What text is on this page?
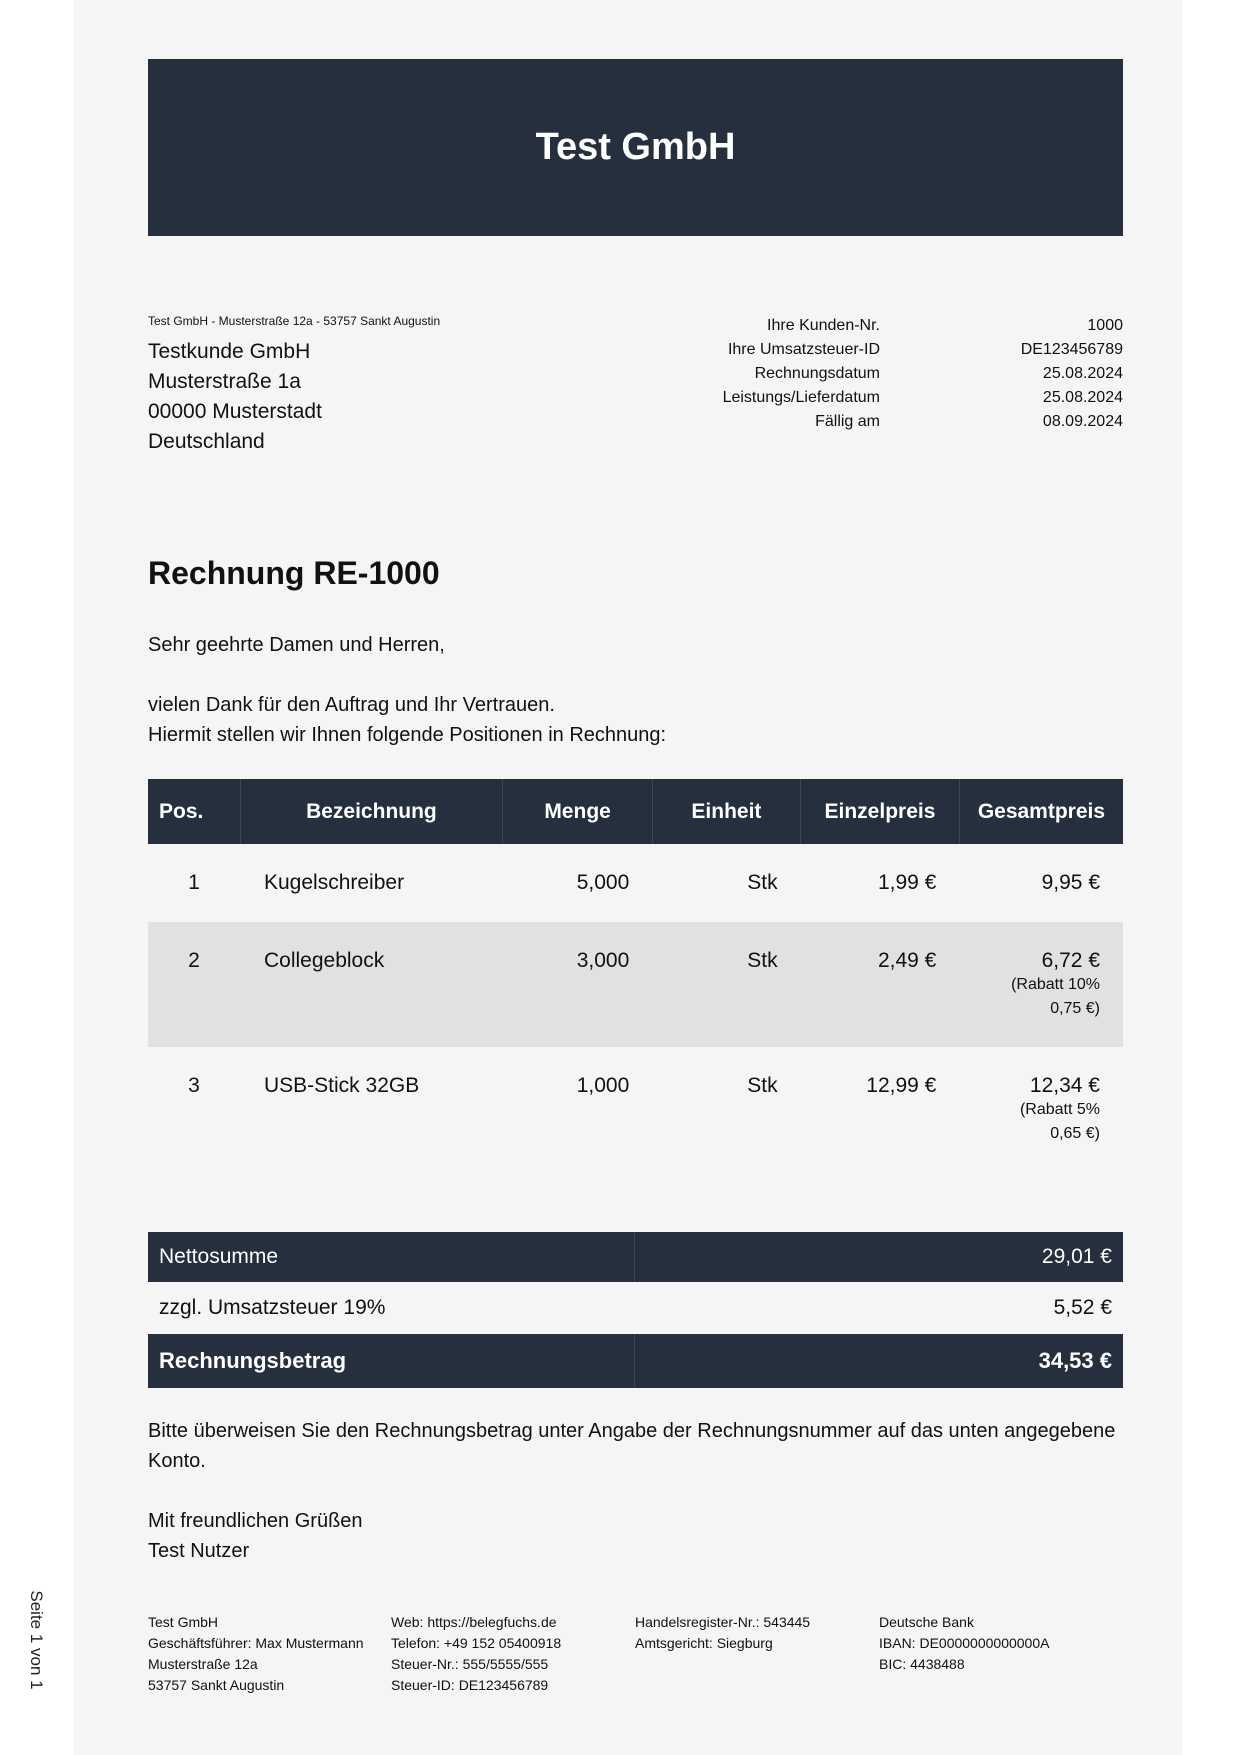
Seite 1 von 1
Test GmbH
Test GmbH - Musterstraße 12a - 53757 Sankt Augustin
Testkunde GmbH
Musterstraße 1a
00000 Musterstadt
Deutschland
Ihre Kunden-Nr.	1000
Ihre Umsatzsteuer-ID	DE123456789
Rechnungsdatum	25.08.2024
Leistungs/Lieferdatum	25.08.2024
Fällig am	08.09.2024
Rechnung RE-1000
Sehr geehrte Damen und Herren,
vielen Dank für den Auftrag und Ihr Vertrauen.
Hiermit stellen wir Ihnen folgende Positionen in Rechnung:
Pos.	Bezeichnung	Menge	Einheit	Einzelpreis	Gesamtpreis

1	Kugelschreiber	5,000	Stk	1,99 €	9,95 €

2	Collegeblock	3,000	Stk	2,49 €	6,72 €
(Rabatt 10% 0,75 €)

3	USB-Stick 32GB	1,000	Stk	12,99 €	12,34 €
(Rabatt 5% 0,65 €)
Nettosumme	29,01 €
zzgl. Umsatzsteuer 19%	5,52 €
Rechnungsbetrag	34,53 €
Bitte überweisen Sie den Rechnungsbetrag unter Angabe der Rechnungsnummer auf das unten angegebene Konto.
Mit freundlichen Grüßen
Test Nutzer
Test GmbH
Geschäftsführer: Max Mustermann
Musterstraße 12a
53757 Sankt Augustin
Web: https://belegfuchs.de
Telefon: +49 152 05400918
Steuer-Nr.: 555/5555/555
Steuer-ID: DE123456789
Handelsregister-Nr.: 543445
Amtsgericht: Siegburg
Deutsche Bank
IBAN: DE0000000000000A
BIC: 4438488
